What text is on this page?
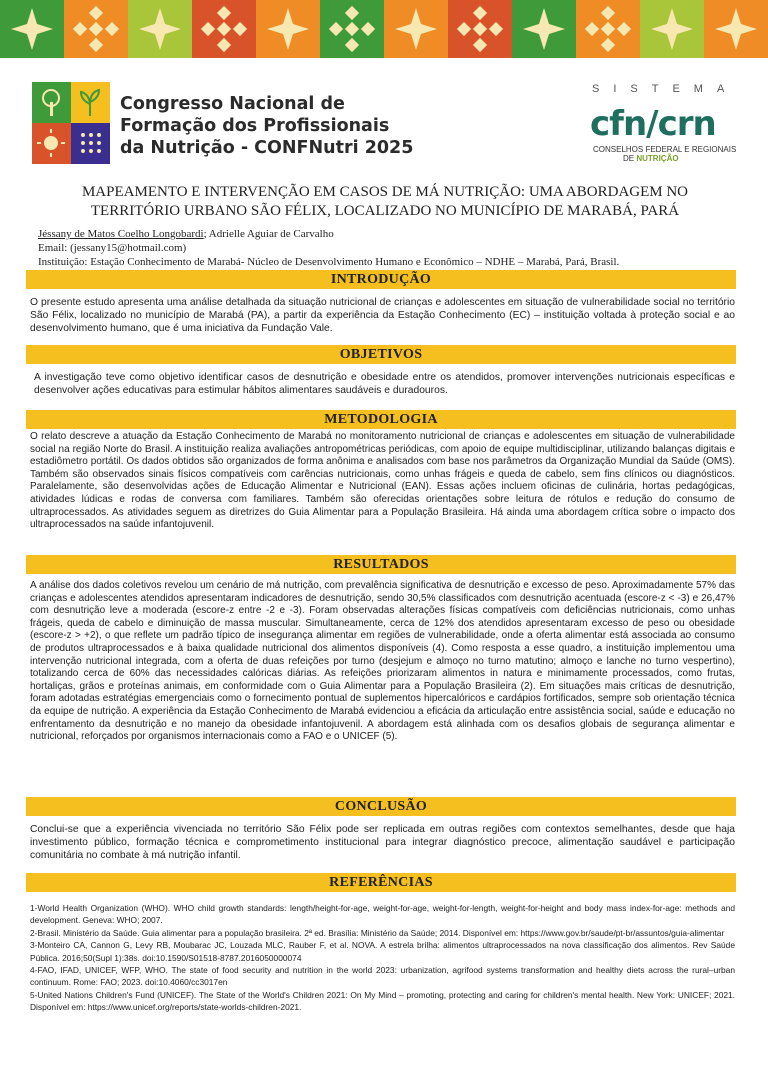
Congresso Nacional de
Formação dos Profissionais
da Nutrição - CONFNutri 2025
SISTEMA
cfn/crn
CONSELHOS FEDERAL E REGIONAIS
DE NUTRIÇÃO
MAPEAMENTO E INTERVENÇÃO EM CASOS DE MÁ NUTRIÇÃO: UMA ABORDAGEM NO
TERRITÓRIO URBANO SÃO FÉLIX, LOCALIZADO NO MUNICÍPIO DE MARABÁ, PARÁ
Jéssany de Matos Coelho Longobardi; Adrielle Aguiar de Carvalho
Email: (jessany15@hotmail.com)
Instituição: Estação Conhecimento de Marabá- Núcleo de Desenvolvimento Humano e Econômico – NDHE – Marabá, Pará, Brasil.
INTRODUÇÃO
O presente estudo apresenta uma análise detalhada da situação nutricional de crianças e adolescentes em situação de vulnerabilidade social no território São Félix, localizado no município de Marabá (PA), a partir da experiência da Estação Conhecimento (EC) – instituição voltada à proteção social e ao desenvolvimento humano, que é uma iniciativa da Fundação Vale.
OBJETIVOS
A investigação teve como objetivo identificar casos de desnutrição e obesidade entre os atendidos, promover intervenções nutricionais específicas e desenvolver ações educativas para estimular hábitos alimentares saudáveis e duradouros.
METODOLOGIA
O relato descreve a atuação da Estação Conhecimento de Marabá no monitoramento nutricional de crianças e adolescentes em situação de vulnerabilidade social na região Norte do Brasil. A instituição realiza avaliações antropométricas periódicas, com apoio de equipe multidisciplinar, utilizando balanças digitais e estadiômetro portátil. Os dados obtidos são organizados de forma anônima e analisados com base nos parâmetros da Organização Mundial da Saúde (OMS). Também são observados sinais físicos compatíveis com carências nutricionais, como unhas frágeis e queda de cabelo, sem fins clínicos ou diagnósticos. Paralelamente, são desenvolvidas ações de Educação Alimentar e Nutricional (EAN). Essas ações incluem oficinas de culinária, hortas pedagógicas, atividades lúdicas e rodas de conversa com familiares. Também são oferecidas orientações sobre leitura de rótulos e redução do consumo de ultraprocessados. As atividades seguem as diretrizes do Guia Alimentar para a População Brasileira. Há ainda uma abordagem crítica sobre o impacto dos ultraprocessados na saúde infantojuvenil.
RESULTADOS
A análise dos dados coletivos revelou um cenário de má nutrição, com prevalência significativa de desnutrição e excesso de peso. Aproximadamente 57% das crianças e adolescentes atendidos apresentaram indicadores de desnutrição, sendo 30,5% classificados com desnutrição acentuada (escore-z < -3) e 26,47% com desnutrição leve a moderada (escore-z entre -2 e -3). Foram observadas alterações físicas compatíveis com deficiências nutricionais, como unhas frágeis, queda de cabelo e diminuição de massa muscular. Simultaneamente, cerca de 12% dos atendidos apresentaram excesso de peso ou obesidade (escore-z > +2), o que reflete um padrão típico de insegurança alimentar em regiões de vulnerabilidade, onde a oferta alimentar está associada ao consumo de produtos ultraprocessados e à baixa qualidade nutricional dos alimentos disponíveis (4). Como resposta a esse quadro, a instituição implementou uma intervenção nutricional integrada, com a oferta de duas refeições por turno (desjejum e almoço no turno matutino; almoço e lanche no turno vespertino), totalizando cerca de 60% das necessidades calóricas diárias. As refeições priorizaram alimentos in natura e minimamente processados, como frutas, hortaliças, grãos e proteínas animais, em conformidade com o Guia Alimentar para a População Brasileira (2). Em situações mais críticas de desnutrição, foram adotadas estratégias emergenciais como o fornecimento pontual de suplementos hipercalóricos e cardápios fortificados, sempre sob orientação técnica da equipe de nutrição. A experiência da Estação Conhecimento de Marabá evidenciou a eficácia da articulação entre assistência social, saúde e educação no enfrentamento da desnutrição e no manejo da obesidade infantojuvenil. A abordagem está alinhada com os desafios globais de segurança alimentar e nutricional, reforçados por organismos internacionais como a FAO e o UNICEF (5).
CONCLUSÃO
Conclui-se que a experiência vivenciada no território São Félix pode ser replicada em outras regiões com contextos semelhantes, desde que haja investimento público, formação técnica e comprometimento institucional para integrar diagnóstico precoce, alimentação saudável e participação comunitária no combate à má nutrição infantil.
REFERÊNCIAS
1-World Health Organization (WHO). WHO child growth standards: length/height-for-age, weight-for-age, weight-for-length, weight-for-height and body mass index-for-age: methods and development. Geneva: WHO; 2007.
2-Brasil. Ministério da Saúde. Guia alimentar para a população brasileira. 2ª ed. Brasília: Ministério da Saúde; 2014. Disponível em: https://www.gov.br/saude/pt-br/assuntos/guia-alimentar
3-Monteiro CA, Cannon G, Levy RB, Moubarac JC, Louzada MLC, Rauber F, et al. NOVA. A estrela brilha: alimentos ultraprocessados na nova classificação dos alimentos. Rev Saúde Pública. 2016;50(Supl 1):38s. doi:10.1590/S01518-8787.2016050000074
4-FAO, IFAD, UNICEF, WFP, WHO. The state of food security and nutrition in the world 2023: urbanization, agrifood systems transformation and healthy diets across the rural–urban continuum. Rome: FAO; 2023. doi:10.4060/cc3017en
5-United Nations Children's Fund (UNICEF). The State of the World's Children 2021: On My Mind – promoting, protecting and caring for children's mental health. New York: UNICEF; 2021. Disponível em: https://www.unicef.org/reports/state-worlds-children-2021.
